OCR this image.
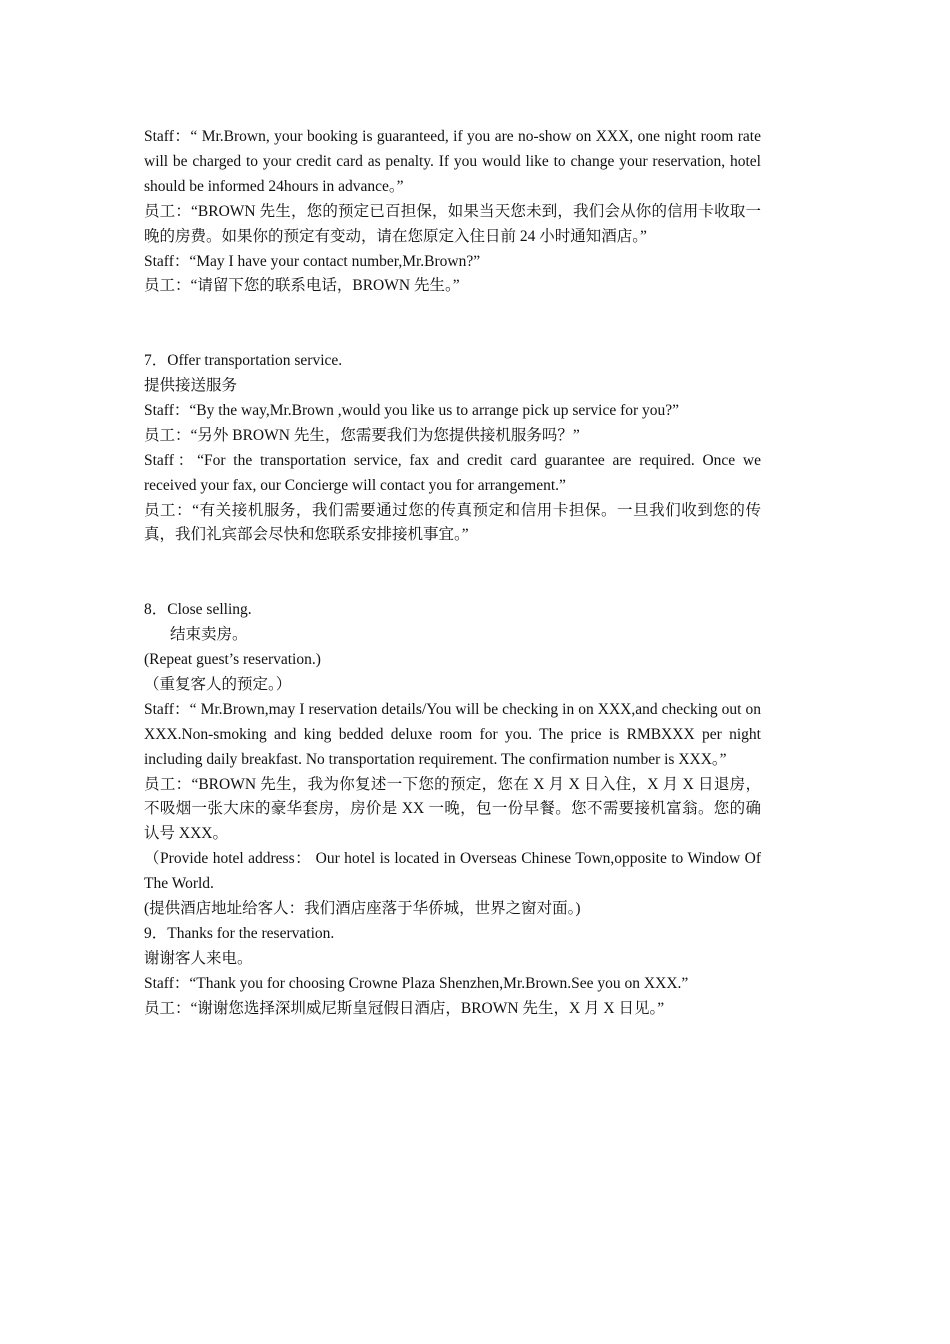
Staff：“ Mr.Brown, your booking is guaranteed, if you are no-show on XXX, one night room rate will be charged to your credit card as penalty. If you would like to change your reservation, hotel should be informed 24hours in advance。”

员工：“BROWN 先生，您的预定已百担保，如果当天您未到，我们会从你的信用卡收取一晚的房费。如果你的预定有变动，请在您原定入住日前 24 小时通知酒店。”

Staff：“May I have your contact number,Mr.Brown?”

员工：“请留下您的联系电话，BROWN 先生。”

7．Offer transportation service.

提供接送服务

Staff：“By the way,Mr.Brown ,would you like us to arrange pick up service for you?”

员工：“另外 BROWN 先生，您需要我们为您提供接机服务吗？”

Staff：“For the transportation service, fax and credit card guarantee are required. Once we received your fax, our Concierge will contact you for arrangement.”

员工：“有关接机服务，我们需要通过您的传真预定和信用卡担保。一旦我们收到您的传真，我们礼宾部会尽快和您联系安排接机事宜。”

8．Close selling.

结束卖房。

(Repeat guest’s reservation.)

（重复客人的预定。）

Staff：“ Mr.Brown,may I reservation details/You will be checking in on XXX,and checking out on XXX.Non-smoking and king bedded deluxe room for you. The price is RMBXXX per night including daily breakfast. No transportation requirement. The confirmation number is XXX。”

员工：“BROWN 先生，我为你复述一下您的预定，您在 X 月 X 日入住，X 月 X 日退房，不吸烟一张大床的豪华套房，房价是 XX 一晚，包一份早餐。您不需要接机富翁。您的确认号 XXX。

（Provide hotel address： Our hotel is located in Overseas Chinese Town,opposite to Window Of The World.

(提供酒店地址给客人：我们酒店座落于华侨城，世界之窗对面。)

9．Thanks for the reservation.

谢谢客人来电。

Staff：“Thank you for choosing Crowne Plaza Shenzhen,Mr.Brown.See you on XXX.”

员工：“谢谢您选择深圳威尼斯皇冠假日酒店，BROWN 先生，X 月 X 日见。”
